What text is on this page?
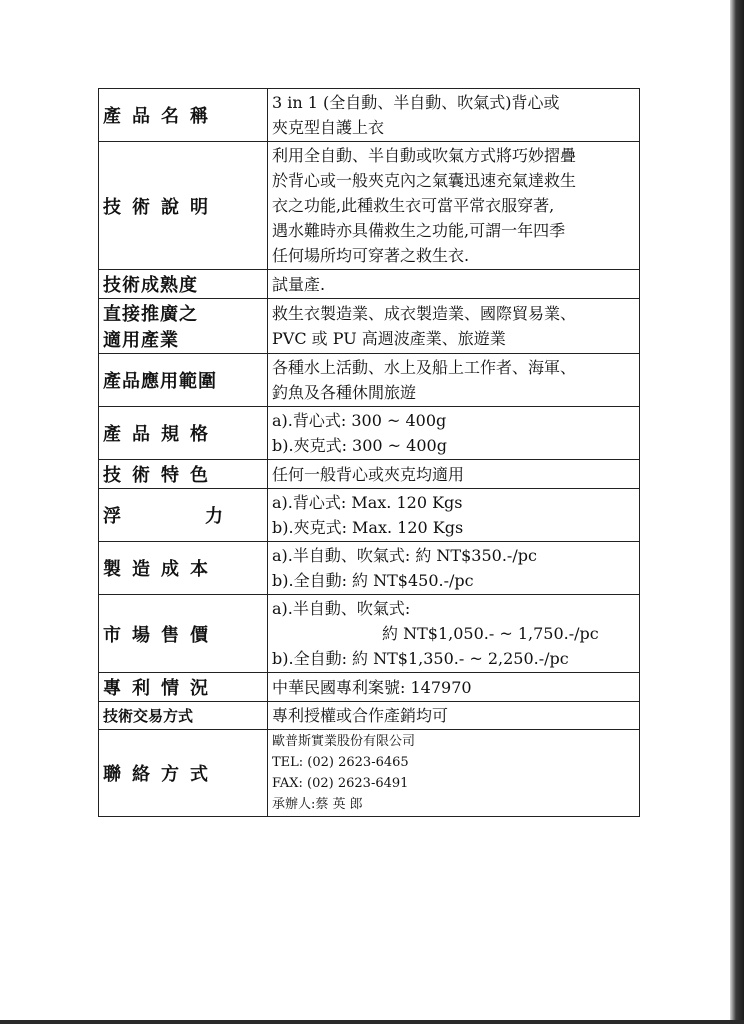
產品名稱	3 in 1 (全自動、半自動、吹氣式)背心或
夾克型自護上衣

技術說明	利用全自動、半自動或吹氣方式將巧妙摺疊
於背心或一般夾克內之氣囊迅速充氣達救生
衣之功能,此種救生衣可當平常衣服穿著,
遇水難時亦具備救生之功能,可謂一年四季
任何場所均可穿著之救生衣.

技術成熟度	試量產.

直接推廣之
適用產業	救生衣製造業、成衣製造業、國際貿易業、
PVC 或 PU 高週波產業、旅遊業

產品應用範圍	各種水上活動、水上及船上工作者、海軍、
釣魚及各種休閒旅遊

產品規格	a).背心式: 300 ~ 400g
b).夾克式: 300 ~ 400g

技術特色	任何一般背心或夾克均適用

浮 力	a).背心式: Max. 120 Kgs
b).夾克式: Max. 120 Kgs

製造成本	a).半自動、吹氣式: 約 NT$350.-/pc
b).全自動: 約 NT$450.-/pc

市場售價	a).半自動、吹氣式:
約 NT$1,050.- ~ 1,750.-/pc
b).全自動: 約 NT$1,350.- ~ 2,250.-/pc

專利情況	中華民國專利案號: 147970

技術交易方式	專利授權或合作產銷均可

聯絡方式	歐普斯實業股份有限公司
TEL: (02) 2623-6465
FAX: (02) 2623-6491
承辦人:蔡 英 郎
